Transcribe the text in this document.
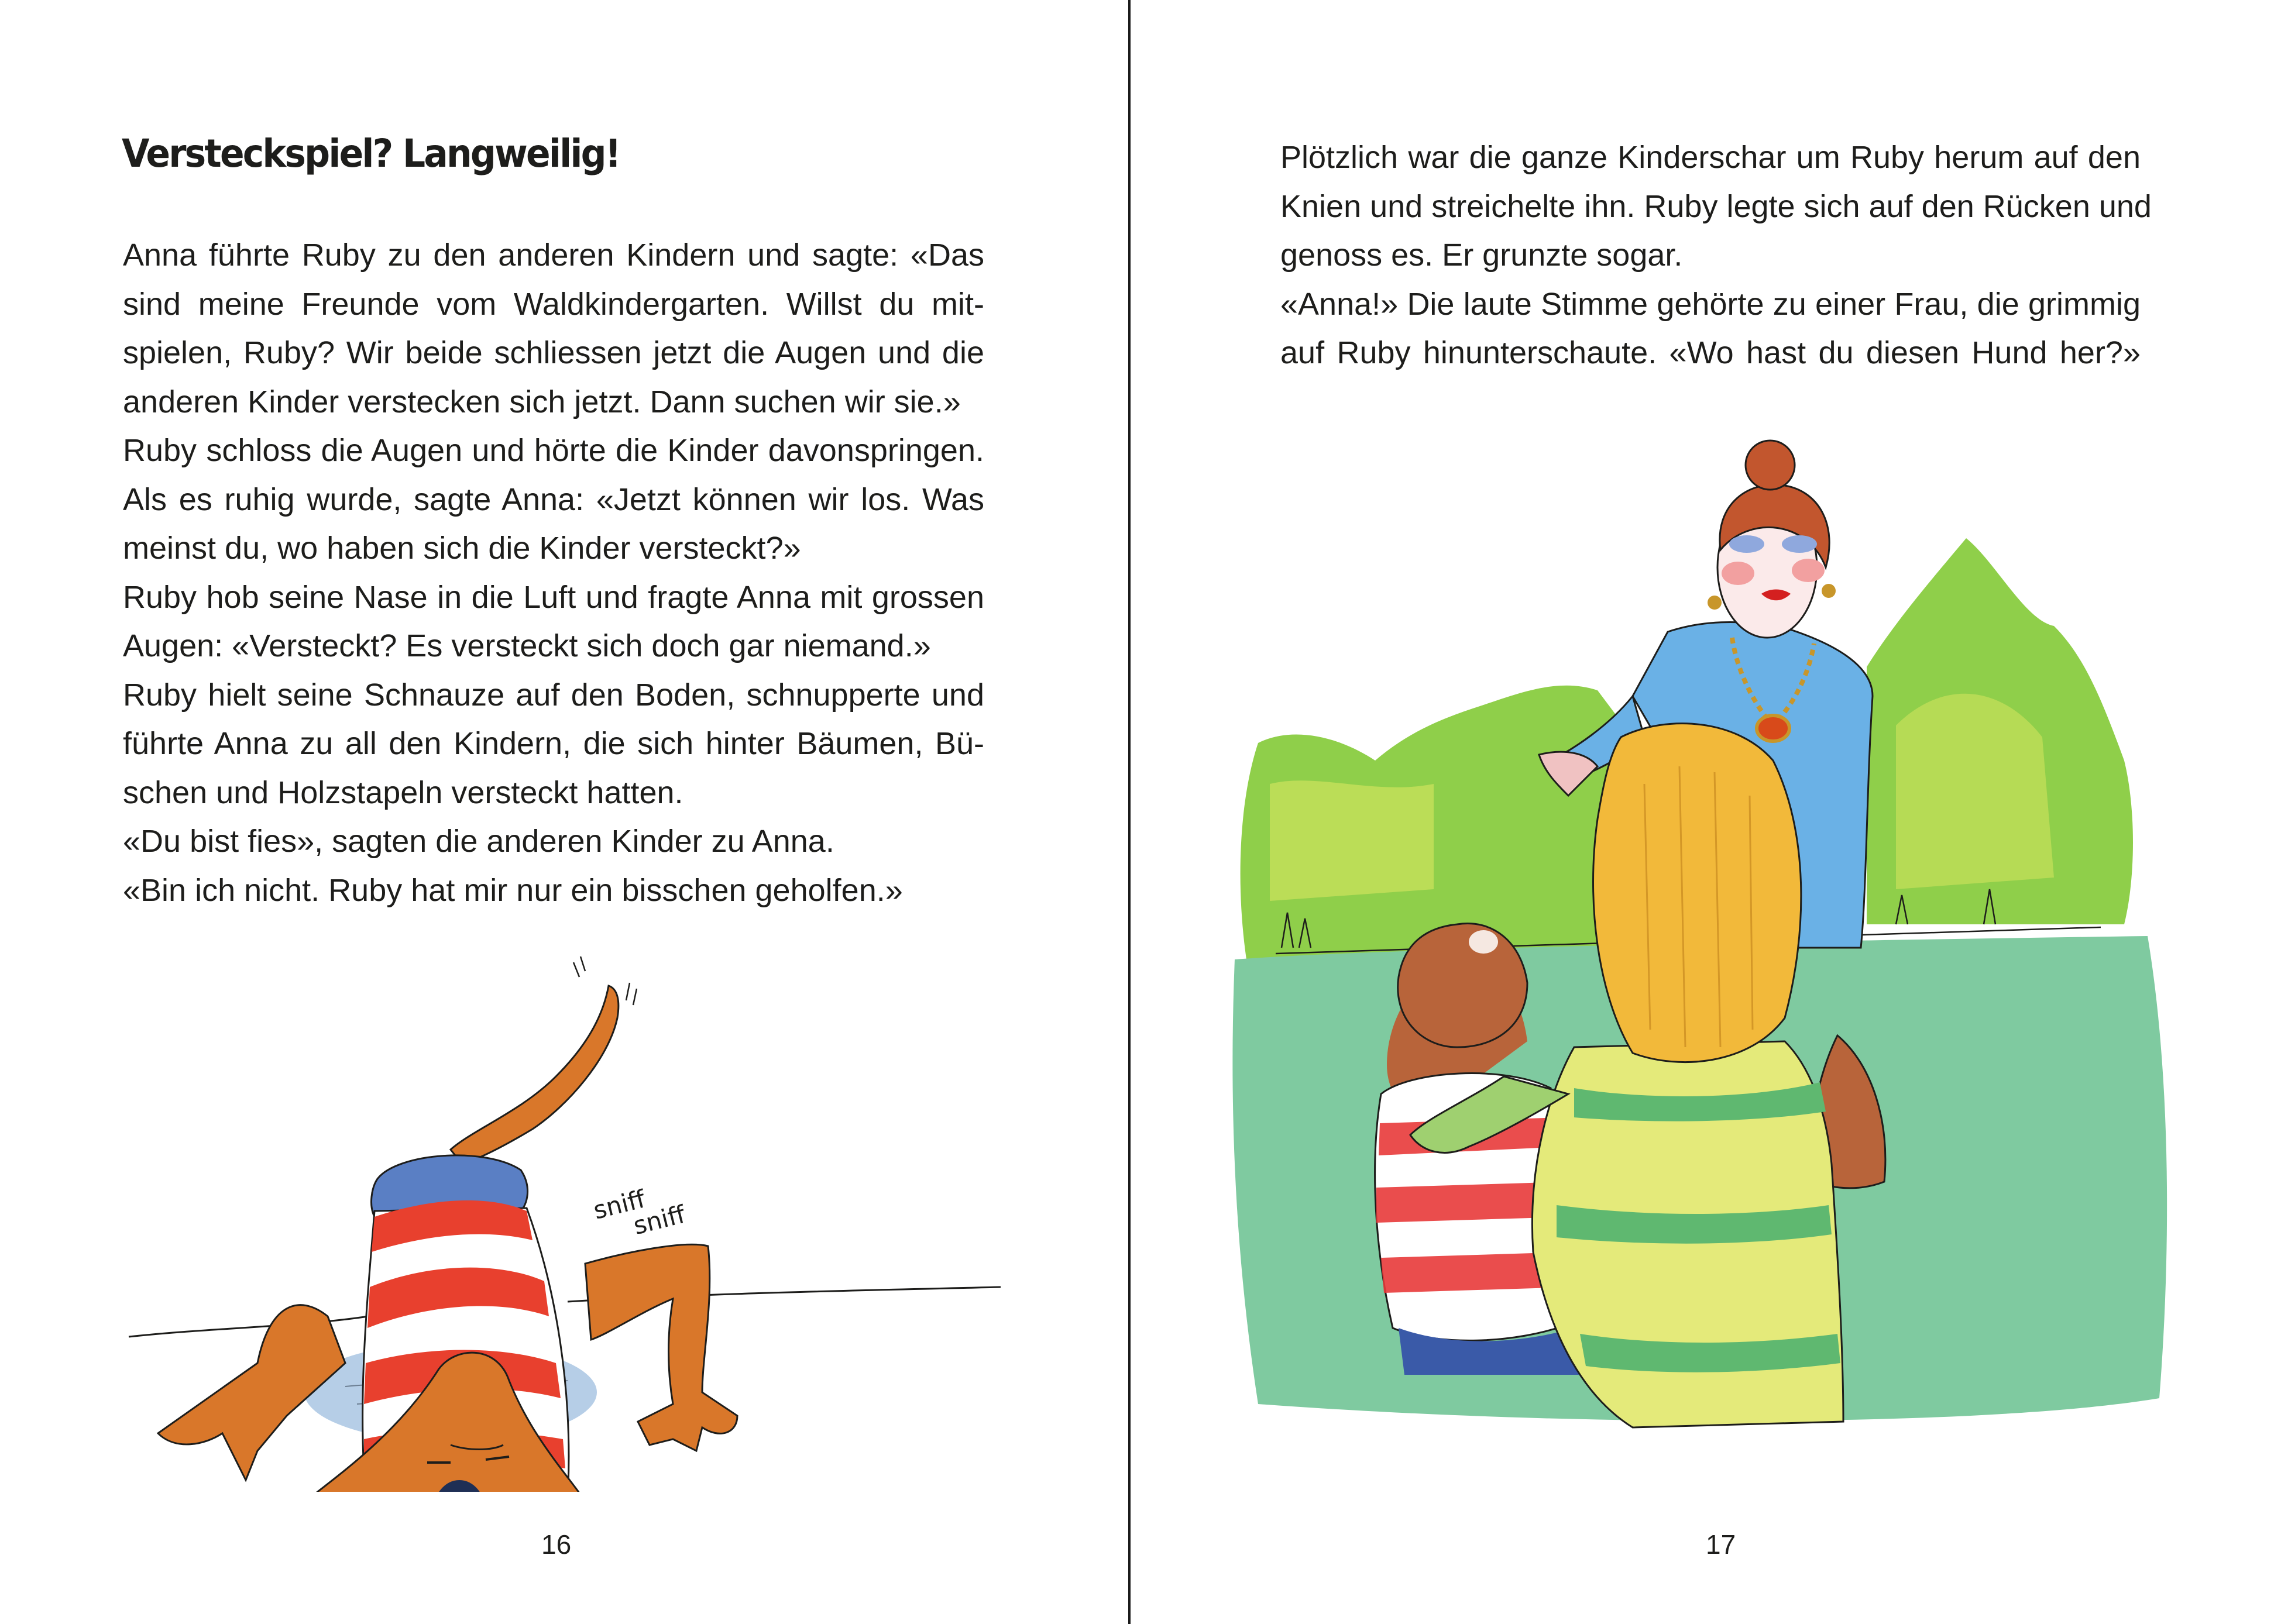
Versteckspiel? Langweilig!
Anna führte Ruby zu den anderen Kindern und sagte: «Das
sind meine Freunde vom Waldkindergarten. Willst du mit-
spielen, Ruby? Wir beide schliessen jetzt die Augen und die
anderen Kinder verstecken sich jetzt. Dann suchen wir sie.»
Ruby schloss die Augen und hörte die Kinder davonspringen.
Als es ruhig wurde, sagte Anna: «Jetzt können wir los. Was
meinst du, wo haben sich die Kinder versteckt?»
Ruby hob seine Nase in die Luft und fragte Anna mit grossen
Augen: «Versteckt? Es versteckt sich doch gar niemand.»
Ruby hielt seine Schnauze auf den Boden, schnupperte und
führte Anna zu all den Kindern, die sich hinter Bäumen, Bü-
schen und Holzstapeln versteckt hatten.
«Du bist fies», sagten die anderen Kinder zu Anna.
«Bin ich nicht. Ruby hat mir nur ein bisschen geholfen.»
sniff
sniff
16
Plötzlich war die ganze Kinderschar um Ruby herum auf den
Knien und streichelte ihn. Ruby legte sich auf den Rücken und
genoss es. Er grunzte sogar.
«Anna!» Die laute Stimme gehörte zu einer Frau, die grimmig
auf Ruby hinunterschaute. «Wo hast du diesen Hund her?»
17
